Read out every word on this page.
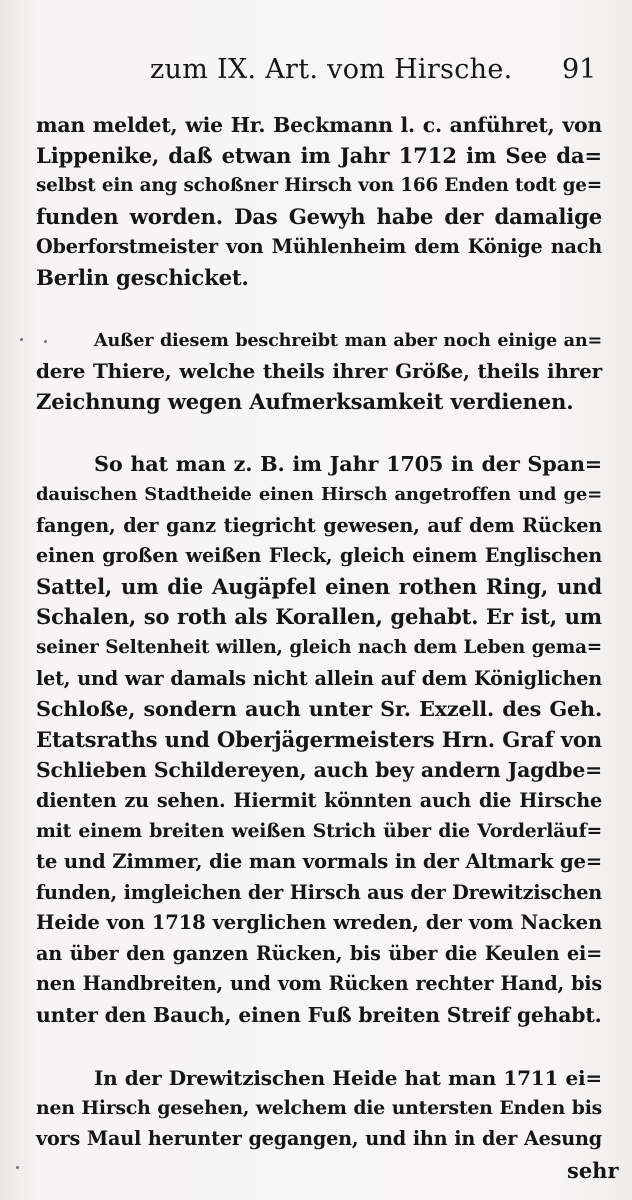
zum IX. Art. vom Hirsche. 91

man meldet, wie Hr. Beckmann l. c. anführet, von
Lippenike, daß etwan im Jahr 1712 im See da=
selbst ein ang schoßner Hirsch von 166 Enden todt ge=
funden worden. Das Gewyh habe der damalige
Oberforstmeister von Mühlenheim dem Könige nach
Berlin geschicket.

Außer diesem beschreibt man aber noch einige an=
dere Thiere, welche theils ihrer Größe, theils ihrer
Zeichnung wegen Aufmerksamkeit verdienen.

So hat man z. B. im Jahr 1705 in der Span=
dauischen Stadtheide einen Hirsch angetroffen und ge=
fangen, der ganz tiegricht gewesen, auf dem Rücken
einen großen weißen Fleck, gleich einem Englischen
Sattel, um die Augäpfel einen rothen Ring, und
Schalen, so roth als Korallen, gehabt. Er ist, um
seiner Seltenheit willen, gleich nach dem Leben gema=
let, und war damals nicht allein auf dem Königlichen
Schloße, sondern auch unter Sr. Exzell. des Geh.
Etatsraths und Oberjägermeisters Hrn. Graf von
Schlieben Schildereyen, auch bey andern Jagdbe=
dienten zu sehen. Hiermit könnten auch die Hirsche
mit einem breiten weißen Strich über die Vorderläuf=
te und Zimmer, die man vormals in der Altmark ge=
funden, imgleichen der Hirsch aus der Drewitzischen
Heide von 1718 verglichen wreden, der vom Nacken
an über den ganzen Rücken, bis über die Keulen ei=
nen Handbreiten, und vom Rücken rechter Hand, bis
unter den Bauch, einen Fuß breiten Streif gehabt.

In der Drewitzischen Heide hat man 1711 ei=
nen Hirsch gesehen, welchem die untersten Enden bis
vors Maul herunter gegangen, und ihn in der Aesung

sehr
